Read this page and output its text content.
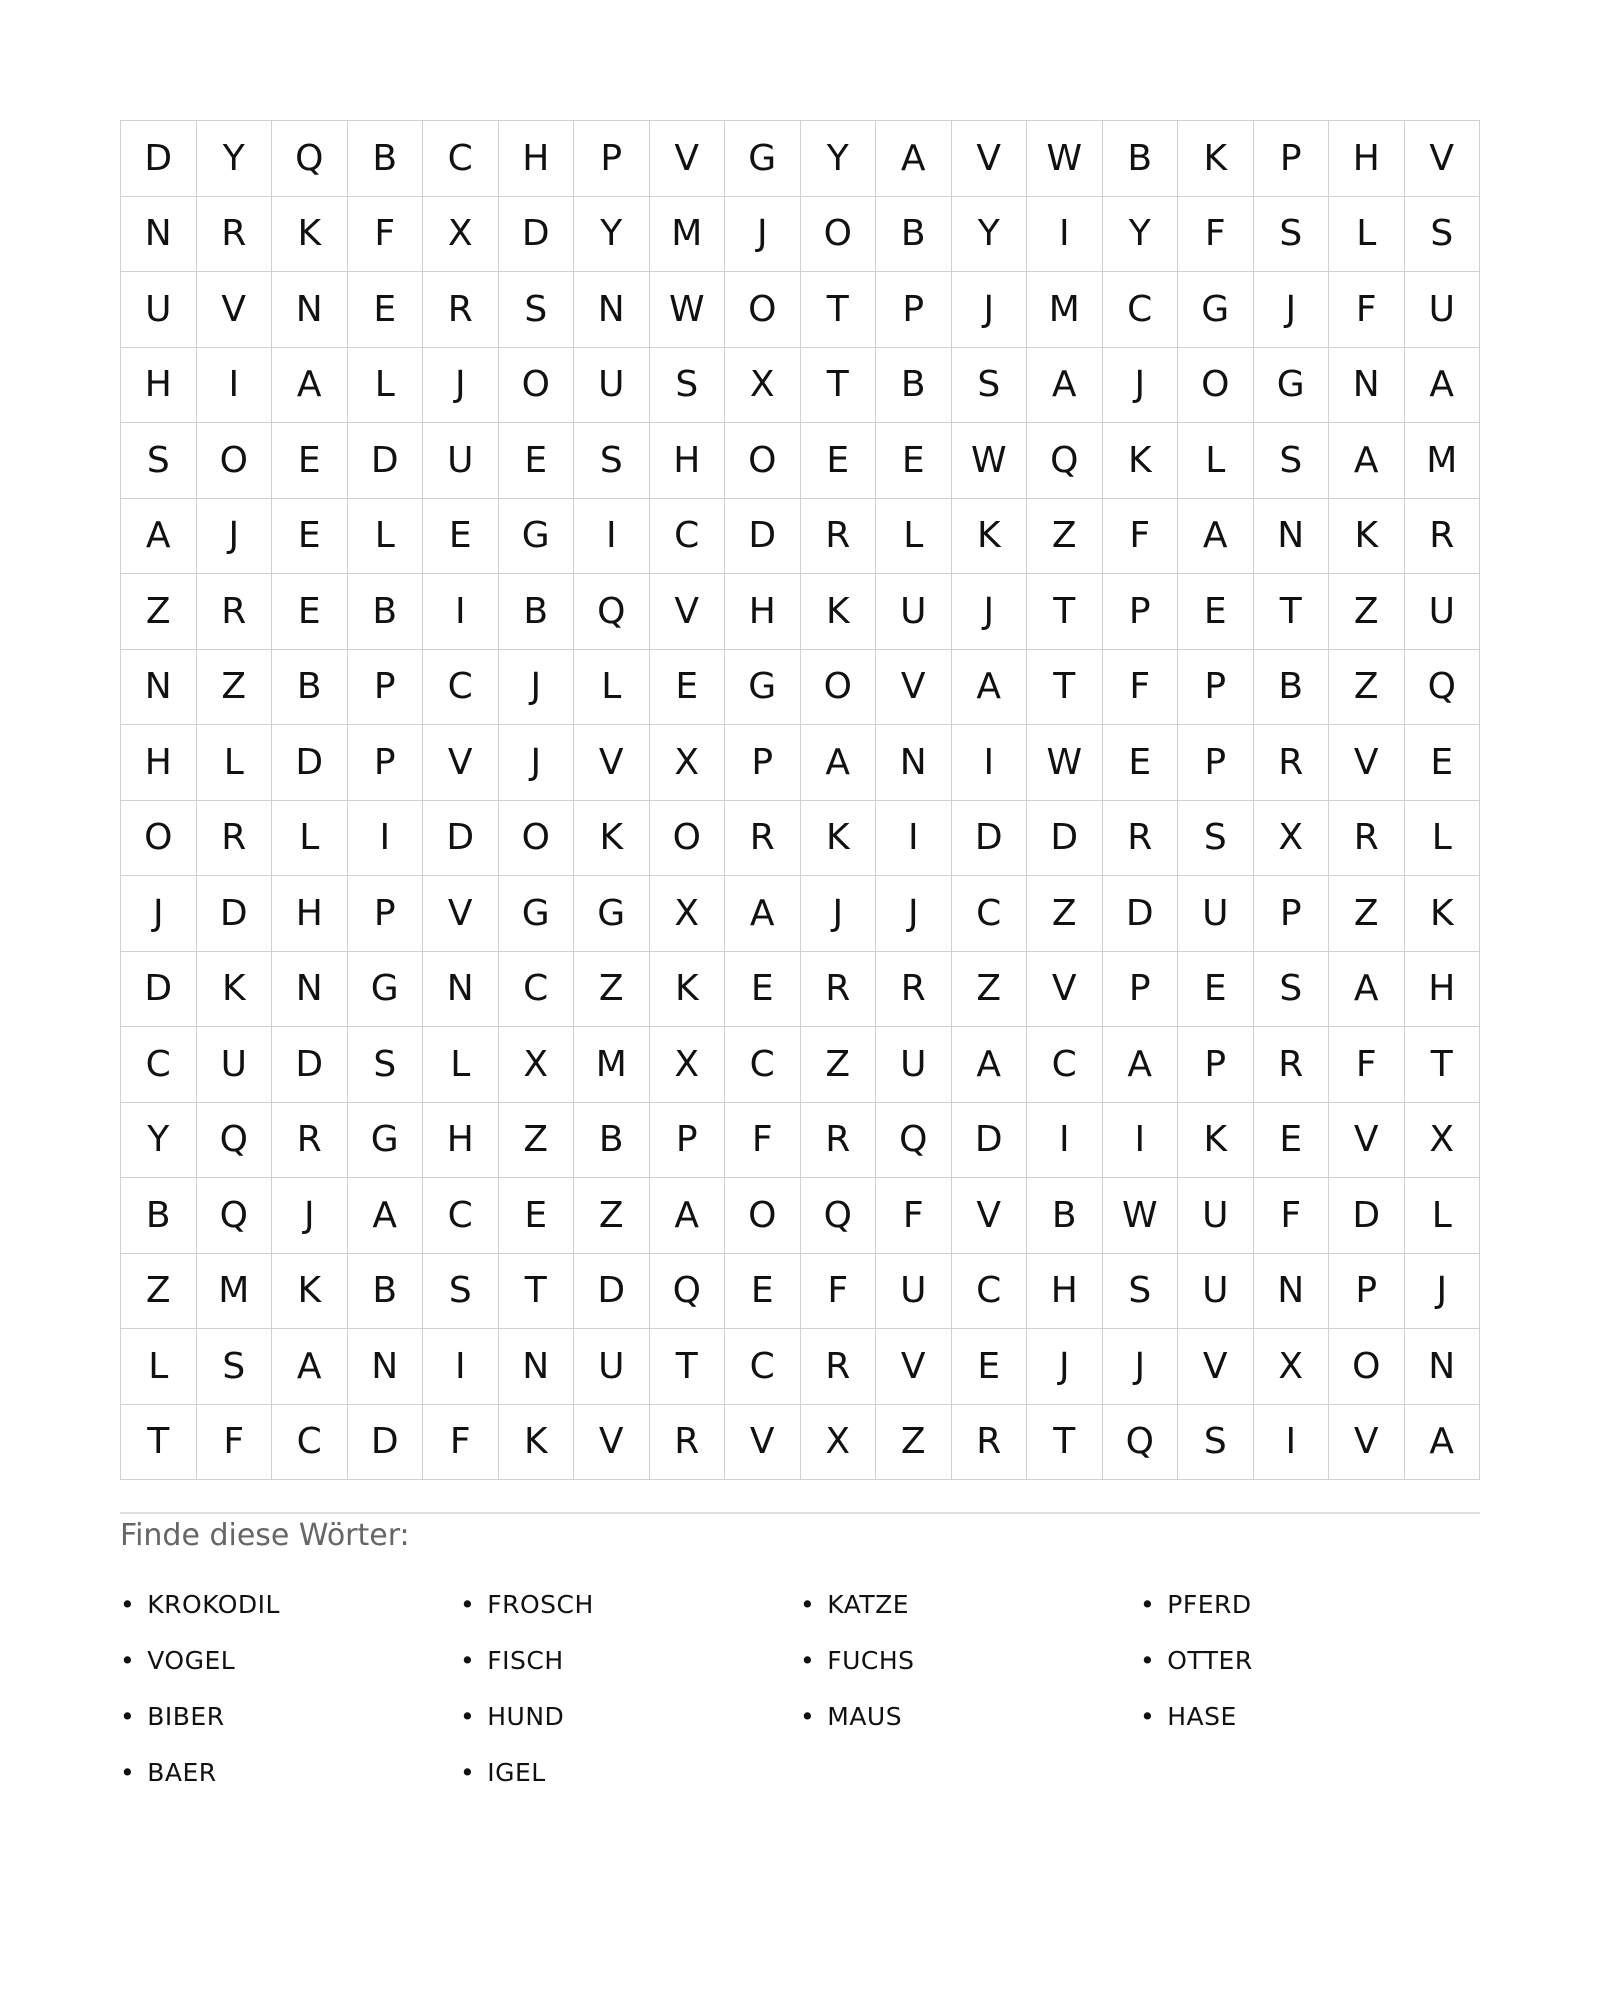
D	Y	Q	B	C	H	P	V	G	Y	A	V	W	B	K	P	H	V
N	R	K	F	X	D	Y	M	J	O	B	Y	I	Y	F	S	L	S
U	V	N	E	R	S	N	W	O	T	P	J	M	C	G	J	F	U
H	I	A	L	J	O	U	S	X	T	B	S	A	J	O	G	N	A
S	O	E	D	U	E	S	H	O	E	E	W	Q	K	L	S	A	M
A	J	E	L	E	G	I	C	D	R	L	K	Z	F	A	N	K	R
Z	R	E	B	I	B	Q	V	H	K	U	J	T	P	E	T	Z	U
N	Z	B	P	C	J	L	E	G	O	V	A	T	F	P	B	Z	Q
H	L	D	P	V	J	V	X	P	A	N	I	W	E	P	R	V	E
O	R	L	I	D	O	K	O	R	K	I	D	D	R	S	X	R	L
J	D	H	P	V	G	G	X	A	J	J	C	Z	D	U	P	Z	K
D	K	N	G	N	C	Z	K	E	R	R	Z	V	P	E	S	A	H
C	U	D	S	L	X	M	X	C	Z	U	A	C	A	P	R	F	T
Y	Q	R	G	H	Z	B	P	F	R	Q	D	I	I	K	E	V	X
B	Q	J	A	C	E	Z	A	O	Q	F	V	B	W	U	F	D	L
Z	M	K	B	S	T	D	Q	E	F	U	C	H	S	U	N	P	J
L	S	A	N	I	N	U	T	C	R	V	E	J	J	V	X	O	N
T	F	C	D	F	K	V	R	V	X	Z	R	T	Q	S	I	V	A
Finde diese Wörter:
• KROKODIL	• FROSCH	• KATZE	• PFERD
• VOGEL	• FISCH	• FUCHS	• OTTER
• BIBER	• HUND	• MAUS	• HASE
• BAER	• IGEL
